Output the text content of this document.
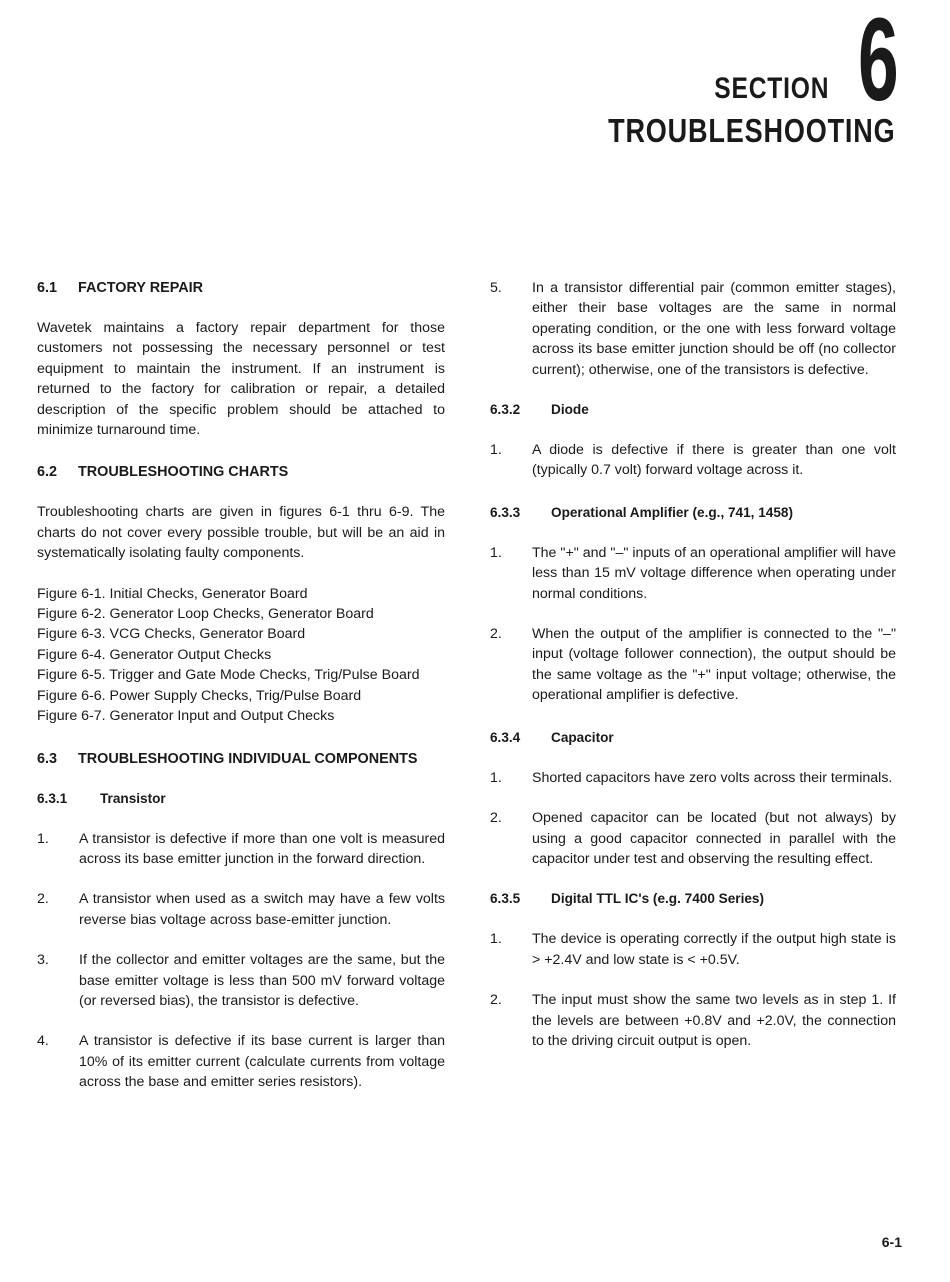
SECTION 6
TROUBLESHOOTING
6.1 FACTORY REPAIR

Wavetek maintains a factory repair department for those customers not possessing the necessary personnel or test equipment to maintain the instrument. If an instrument is returned to the factory for calibration or repair, a detailed description of the specific problem should be attached to minimize turnaround time.

6.2 TROUBLESHOOTING CHARTS

Troubleshooting charts are given in figures 6-1 thru 6-9. The charts do not cover every possible trouble, but will be an aid in systematically isolating faulty components.

Figure 6-1. Initial Checks, Generator Board
Figure 6-2. Generator Loop Checks, Generator Board
Figure 6-3. VCG Checks, Generator Board
Figure 6-4. Generator Output Checks
Figure 6-5. Trigger and Gate Mode Checks, Trig/Pulse Board
Figure 6-6. Power Supply Checks, Trig/Pulse Board
Figure 6-7. Generator Input and Output Checks
6.3 TROUBLESHOOTING INDIVIDUAL COMPONENTS
6.3.1 Transistor
1.	A transistor is defective if more than one volt is measured across its base emitter junction in the forward direction.
2.	A transistor when used as a switch may have a few volts reverse bias voltage across base-emitter junction.
3.	If the collector and emitter voltages are the same, but the base emitter voltage is less than 500 mV forward voltage (or reversed bias), the transistor is defective.
4.	A transistor is defective if its base current is larger than 10% of its emitter current (calculate currents from voltage across the base and emitter series resistors).
5.	In a transistor differential pair (common emitter stages), either their base voltages are the same in normal operating condition, or the one with less forward voltage across its base emitter junction should be off (no collector current); otherwise, one of the transistors is defective.
6.3.2 Diode
1.	A diode is defective if there is greater than one volt (typically 0.7 volt) forward voltage across it.
6.3.3 Operational Amplifier (e.g., 741, 1458)
1.	The "+" and "–" inputs of an operational amplifier will have less than 15 mV voltage difference when operating under normal conditions.
2.	When the output of the amplifier is connected to the "–" input (voltage follower connection), the output should be the same voltage as the "+" input voltage; otherwise, the operational amplifier is defective.
6.3.4 Capacitor
1.	Shorted capacitors have zero volts across their terminals.
2.	Opened capacitor can be located (but not always) by using a good capacitor connected in parallel with the capacitor under test and observing the resulting effect.
6.3.5 Digital TTL IC's (e.g. 7400 Series)
1.	The device is operating correctly if the output high state is > +2.4V and low state is < +0.5V.
2.	The input must show the same two levels as in step 1. If the levels are between +0.8V and +2.0V, the connection to the driving circuit output is open.
6-1
